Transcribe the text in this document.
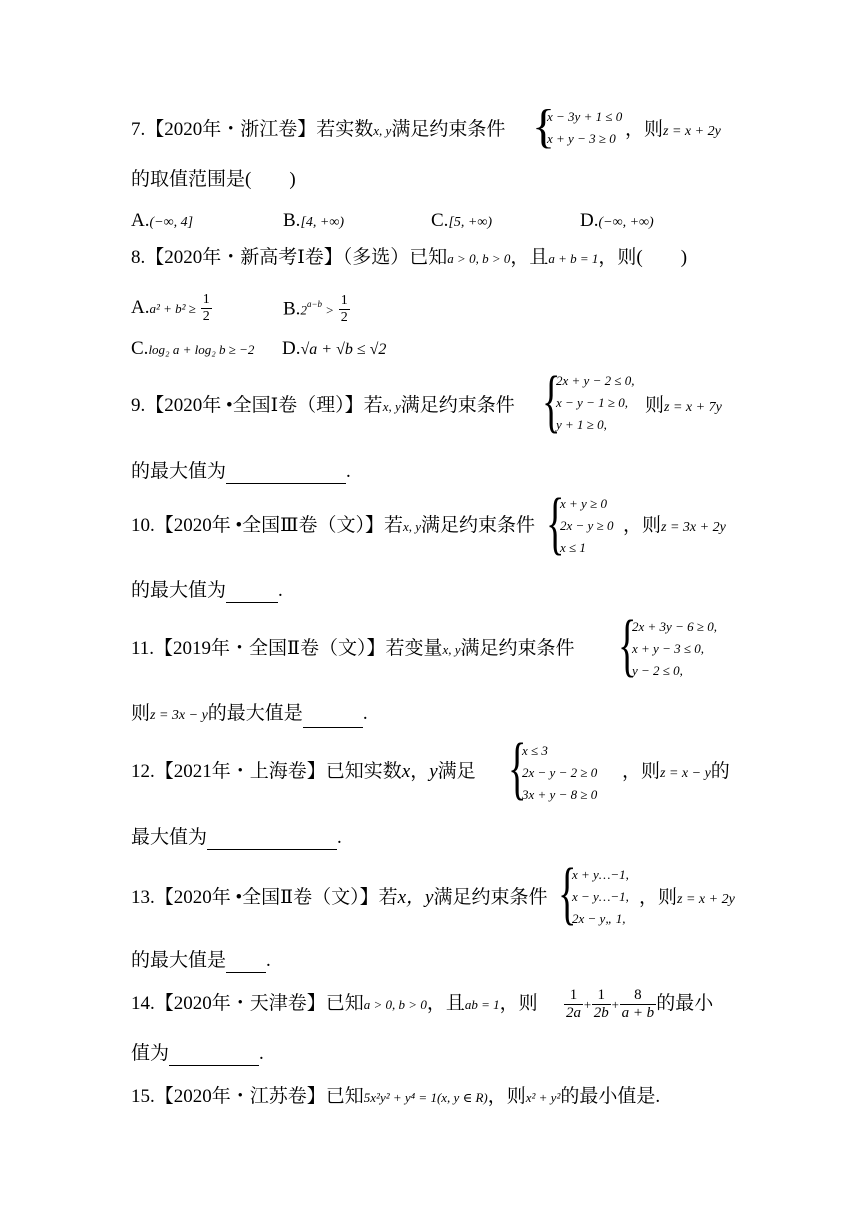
7.【2020年・浙江卷】若实数x, y满足约束条件 {
x − 3y + 1 ≤ 0
x + y − 3 ≥ 0 ，则z = x + 2y
的取值范围是(　　)
A.(−∞, 4]	B.[4, +∞)	C.[5, +∞)	D.(−∞, +∞)
8.【2020年・新高考Ⅰ卷】（多选）已知a > 0, b > 0，且a + b = 1，则(　　)
$A.a^2 + b^2 \ge \frac{1}{2}$	$B.2^{a-b} > \frac{1}{2}$
C.log₂ a + log₂ b ≥ −2 D.√a + √b ≤ √2
9.【2020年 •全国Ⅰ卷（理）】若x, y满足约束条件 {
2x + y − 2 ≤ 0,
x − y − 1 ≥ 0,
y + 1 ≥ 0,
则z = x + 7y
的最大值为	.
10.【2020年 •全国Ⅲ卷（文）】若x, y满足约束条件 {
x + y ≥ 0
2x − y ≥ 0
x ≤ 1
，则z = 3x + 2y
的最大值为	.
11.【2019年・全国Ⅱ卷（文）】若变量x, y满足约束条件 {
2x + 3y − 6 ≥ 0,
x + y − 3 ≤ 0,
y − 2 ≤ 0,
则z = 3x − y的最大值是	.
12.【2021年・上海卷】已知实数x，y满足 {
x ≤ 3
2x − y − 2 ≥ 0
3x + y − 8 ≥ 0
，则z = x − y的
最大值为	.
13.【2020年 •全国Ⅱ卷（文）】若x，y满足约束条件 {
x + y…−1,
x − y…−1,
2x − y„ 1,
，则z = x + 2y
的最大值是 .
14.【2020年・天津卷】已知a > 0, b > 0，且ab = 1，则 $\frac{1}{2a} + \frac{1}{2b} + \frac{8}{a + b}$ 的最小
值为	.
15.【2020年・江苏卷】已知5x²y² + y⁴ = 1(x, y ∈ R)，则x² + y²的最小值是.
